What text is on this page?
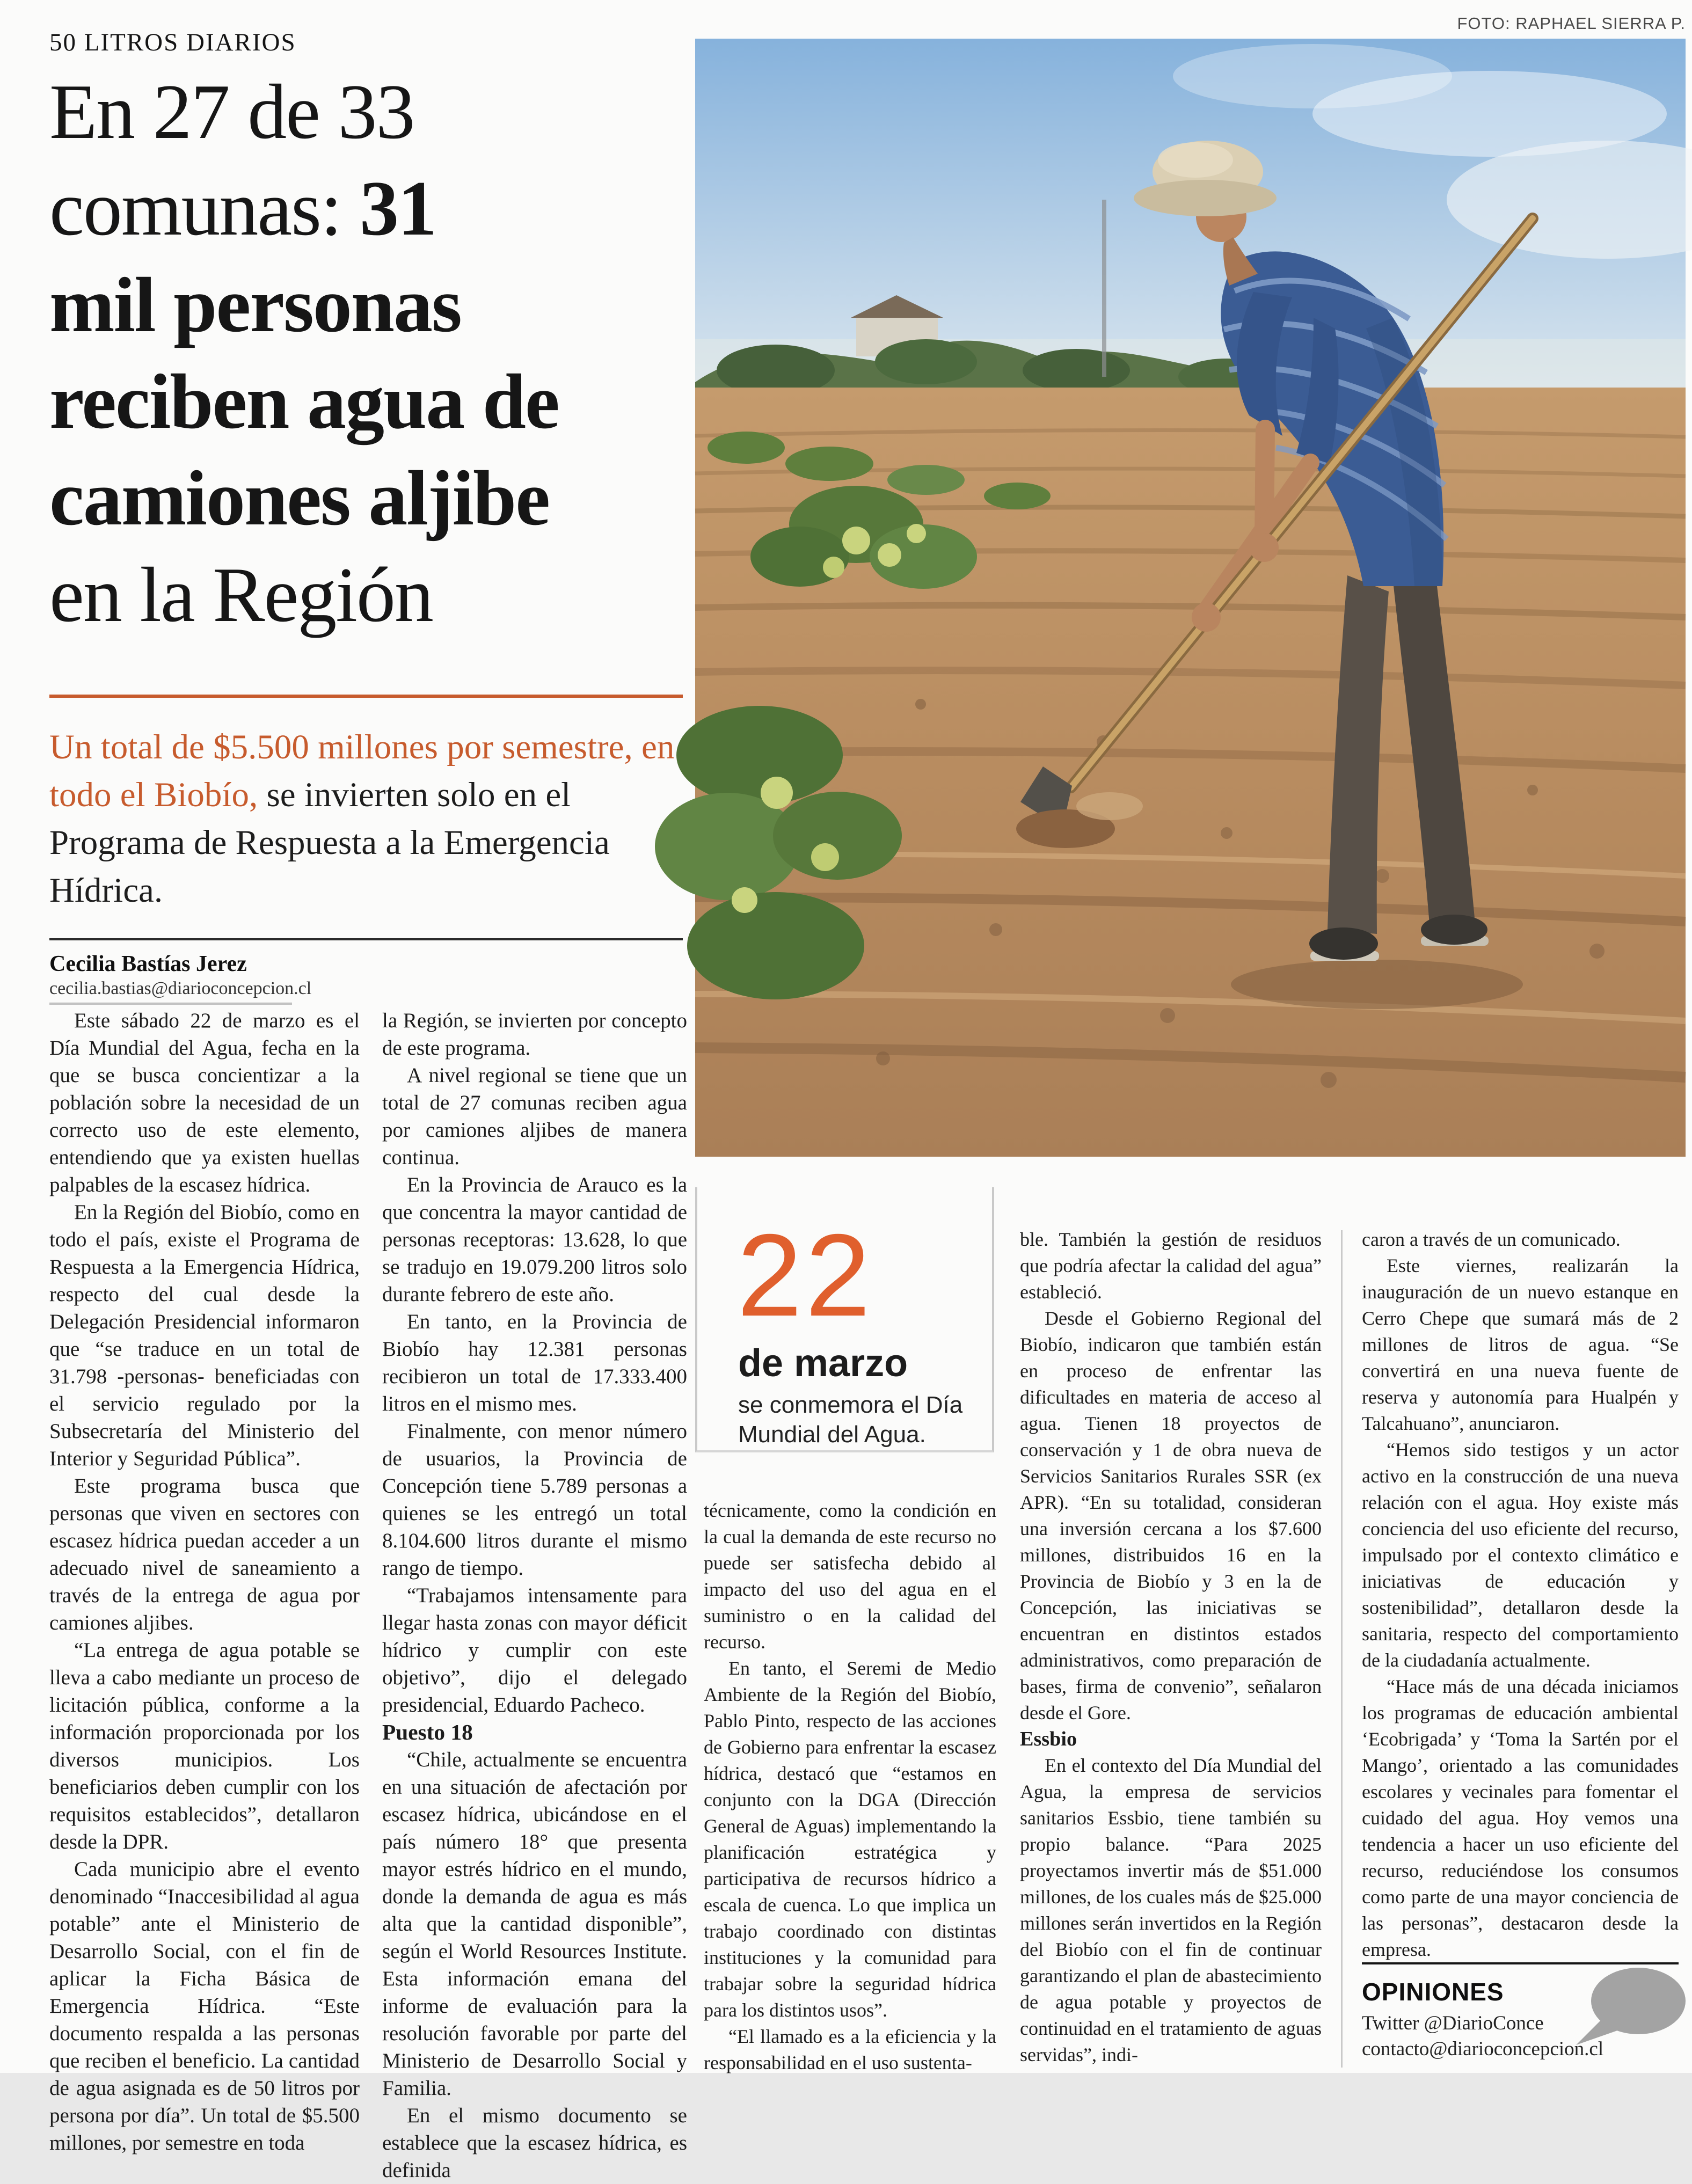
50 LITROS DIARIOS
En 27 de 33
comunas: 31
mil personas
reciben agua de
camiones aljibe
en la Región
Un total de $5.500 millones por semestre, en todo el Biobío, se invierten solo en el Programa de Respuesta a la Emergencia Hídrica.
Cecilia Bastías Jerez
cecilia.bastias@diarioconcepcion.cl

Este sábado 22 de marzo es el Día Mundial del Agua, fecha en la que se busca concientizar a la población sobre la necesidad de un correcto uso de este elemento, entendiendo que ya existen huellas palpables de la escasez hídrica.

En la Región del Biobío, como en todo el país, existe el Programa de Respuesta a la Emergencia Hídrica, respecto del cual desde la Delegación Presidencial informaron que “se traduce en un total de 31.798 -personas- beneficiadas con el servicio regulado por la Subsecretaría del Ministerio del Interior y Seguridad Pública”.

Este programa busca que personas que viven en sectores con escasez hídrica puedan acceder a un adecuado nivel de saneamiento a través de la entrega de agua por camiones aljibes.

“La entrega de agua potable se lleva a cabo mediante un proceso de licitación pública, conforme a la información proporcionada por los diversos municipios. Los beneficiarios deben cumplir con los requisitos establecidos”, detallaron desde la DPR.

Cada municipio abre el evento denominado “Inaccesibilidad al agua potable” ante el Ministerio de Desarrollo Social, con el fin de aplicar la Ficha Básica de Emergencia Hídrica. “Este documento respalda a las personas que reciben el beneficio. La cantidad de agua asignada es de 50 litros por persona por día”. Un total de $5.500 millones, por semestre en toda

la Región, se invierten por concepto de este programa.

A nivel regional se tiene que un total de 27 comunas reciben agua por camiones aljibes de manera continua.

En la Provincia de Arauco es la que concentra la mayor cantidad de personas receptoras: 13.628, lo que se tradujo en 19.079.200 litros solo durante febrero de este año.

En tanto, en la Provincia de Biobío hay 12.381 personas recibieron un total de 17.333.400 litros en el mismo mes.

Finalmente, con menor número de usuarios, la Provincia de Concepción tiene 5.789 personas a quienes se les entregó un total 8.104.600 litros durante el mismo rango de tiempo.

“Trabajamos intensamente para llegar hasta zonas con mayor déficit hídrico y cumplir con este objetivo”, dijo el delegado presidencial, Eduardo Pacheco.

Puesto 18

“Chile, actualmente se encuentra en una situación de afectación por escasez hídrica, ubicándose en el país número 18° que presenta mayor estrés hídrico en el mundo, donde la demanda de agua es más alta que la cantidad disponible”, según el World Resources Institute. Esta información emana del informe de evaluación para la resolución favorable por parte del Ministerio de Desarrollo Social y Familia.

En el mismo documento se establece que la escasez hídrica, es definida

FOTO: RAPHAEL SIERRA P.
22
de marzo
se conmemora el Día Mundial del Agua.

técnicamente, como la condición en la cual la demanda de este recurso no puede ser satisfecha debido al impacto del uso del agua en el suministro o en la calidad del recurso.

En tanto, el Seremi de Medio Ambiente de la Región del Biobío, Pablo Pinto, respecto de las acciones de Gobierno para enfrentar la escasez hídrica, destacó que “estamos en conjunto con la DGA (Dirección General de Aguas) implementando la planificación estratégica y participativa de recursos hídrico a escala de cuenca. Lo que implica un trabajo coordinado con distintas instituciones y la comunidad para trabajar sobre la seguridad hídrica para los distintos usos”.

“El llamado es a la eficiencia y la responsabilidad en el uso sustenta-

ble. También la gestión de residuos que podría afectar la calidad del agua” estableció.

Desde el Gobierno Regional del Biobío, indicaron que también están en proceso de enfrentar las dificultades en materia de acceso al agua. Tienen 18 proyectos de conservación y 1 de obra nueva de Servicios Sanitarios Rurales SSR (ex APR). “En su totalidad, consideran una inversión cercana a los $7.600 millones, distribuidos 16 en la Provincia de Biobío y 3 en la de Concepción, las iniciativas se encuentran en distintos estados administrativos, como preparación de bases, firma de convenio”, señalaron desde el Gore.

Essbio

En el contexto del Día Mundial del Agua, la empresa de servicios sanitarios Essbio, tiene también su propio balance. “Para 2025 proyectamos invertir más de $51.000 millones, de los cuales más de $25.000 millones serán invertidos en la Región del Biobío con el fin de continuar garantizando el plan de abastecimiento de agua potable y proyectos de continuidad en el tratamiento de aguas servidas”, indi-

caron a través de un comunicado.

Este viernes, realizarán la inauguración de un nuevo estanque en Cerro Chepe que sumará más de 2 millones de litros de agua. “Se convertirá en una nueva fuente de reserva y autonomía para Hualpén y Talcahuano”, anunciaron.

“Hemos sido testigos y un actor activo en la construcción de una nueva relación con el agua. Hoy existe más conciencia del uso eficiente del recurso, impulsado por el contexto climático e iniciativas de educación y sostenibilidad”, detallaron desde la sanitaria, respecto del comportamiento de la ciudadanía actualmente.

“Hace más de una década iniciamos los programas de educación ambiental ‘Ecobrigada’ y ‘Toma la Sartén por el Mango’, orientado a las comunidades escolares y vecinales para fomentar el cuidado del agua. Hoy vemos una tendencia a hacer un uso eficiente del recurso, reduciéndose los consumos como parte de una mayor conciencia de las personas”, destacaron desde la empresa.

OPINIONES
Twitter @DiarioConce
contacto@diarioconcepcion.cl
